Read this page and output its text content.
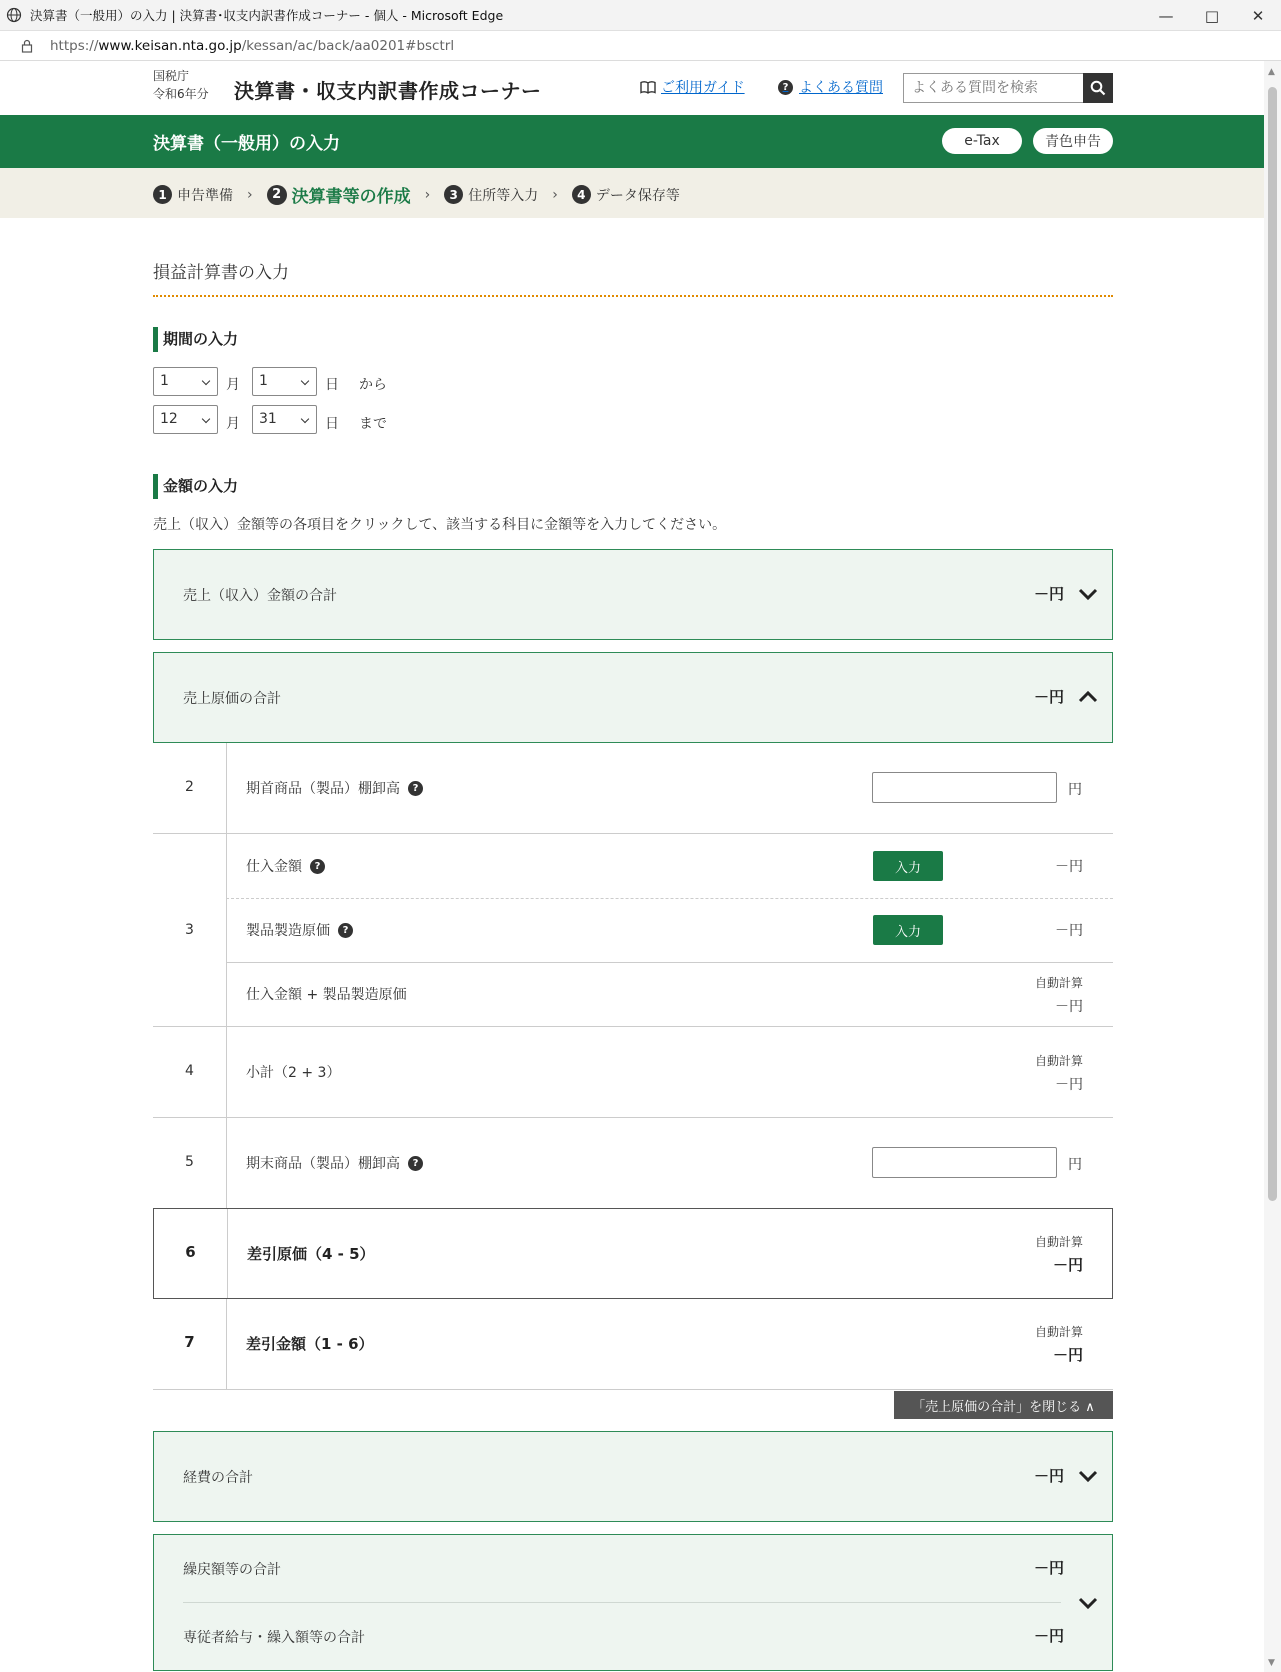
決算書（一般用）の入力 | 決算書･収支内訳書作成コーナー - 個人 - Microsoft Edge	—	□	✕
https://www.keisan.nta.go.jp/kessan/ac/back/aa0201#bsctrl
国税庁
令和6年分 決算書・収支内訳書作成コーナー	ご利用ガイド	? よくある質問
よくある質問を検索
決算書（一般用）の入力	e-Tax	青色申告
1 申告準備 ›	2 決算書等の作成 ›	3 住所等入力 ›	4 データ保存等
損益計算書の入力
期間の入力
1	月	1	日 から
12	月	31	日 まで
金額の入力
売上（収入）金額等の各項目をクリックして、該当する科目に金額等を入力してください。
売上（収入）金額の合計	－円
売上原価の合計	－円
2	期首商品（製品）棚卸高	?	円
3
仕入金額	?	入力	－円
製品製造原価	?	入力	－円
仕入金額 + 製品製造原価
自動計算
－円
4	小計（2 + 3）
自動計算
－円
5	期末商品（製品）棚卸高	?	円
6	差引原価（4 - 5）
自動計算
－円
7	差引金額（1 - 6）
自動計算
－円
「売上原価の合計」を閉じる ∧
経費の合計	－円
繰戻額等の合計	－円
専従者給与・繰入額等の合計	－円
▲
▼
